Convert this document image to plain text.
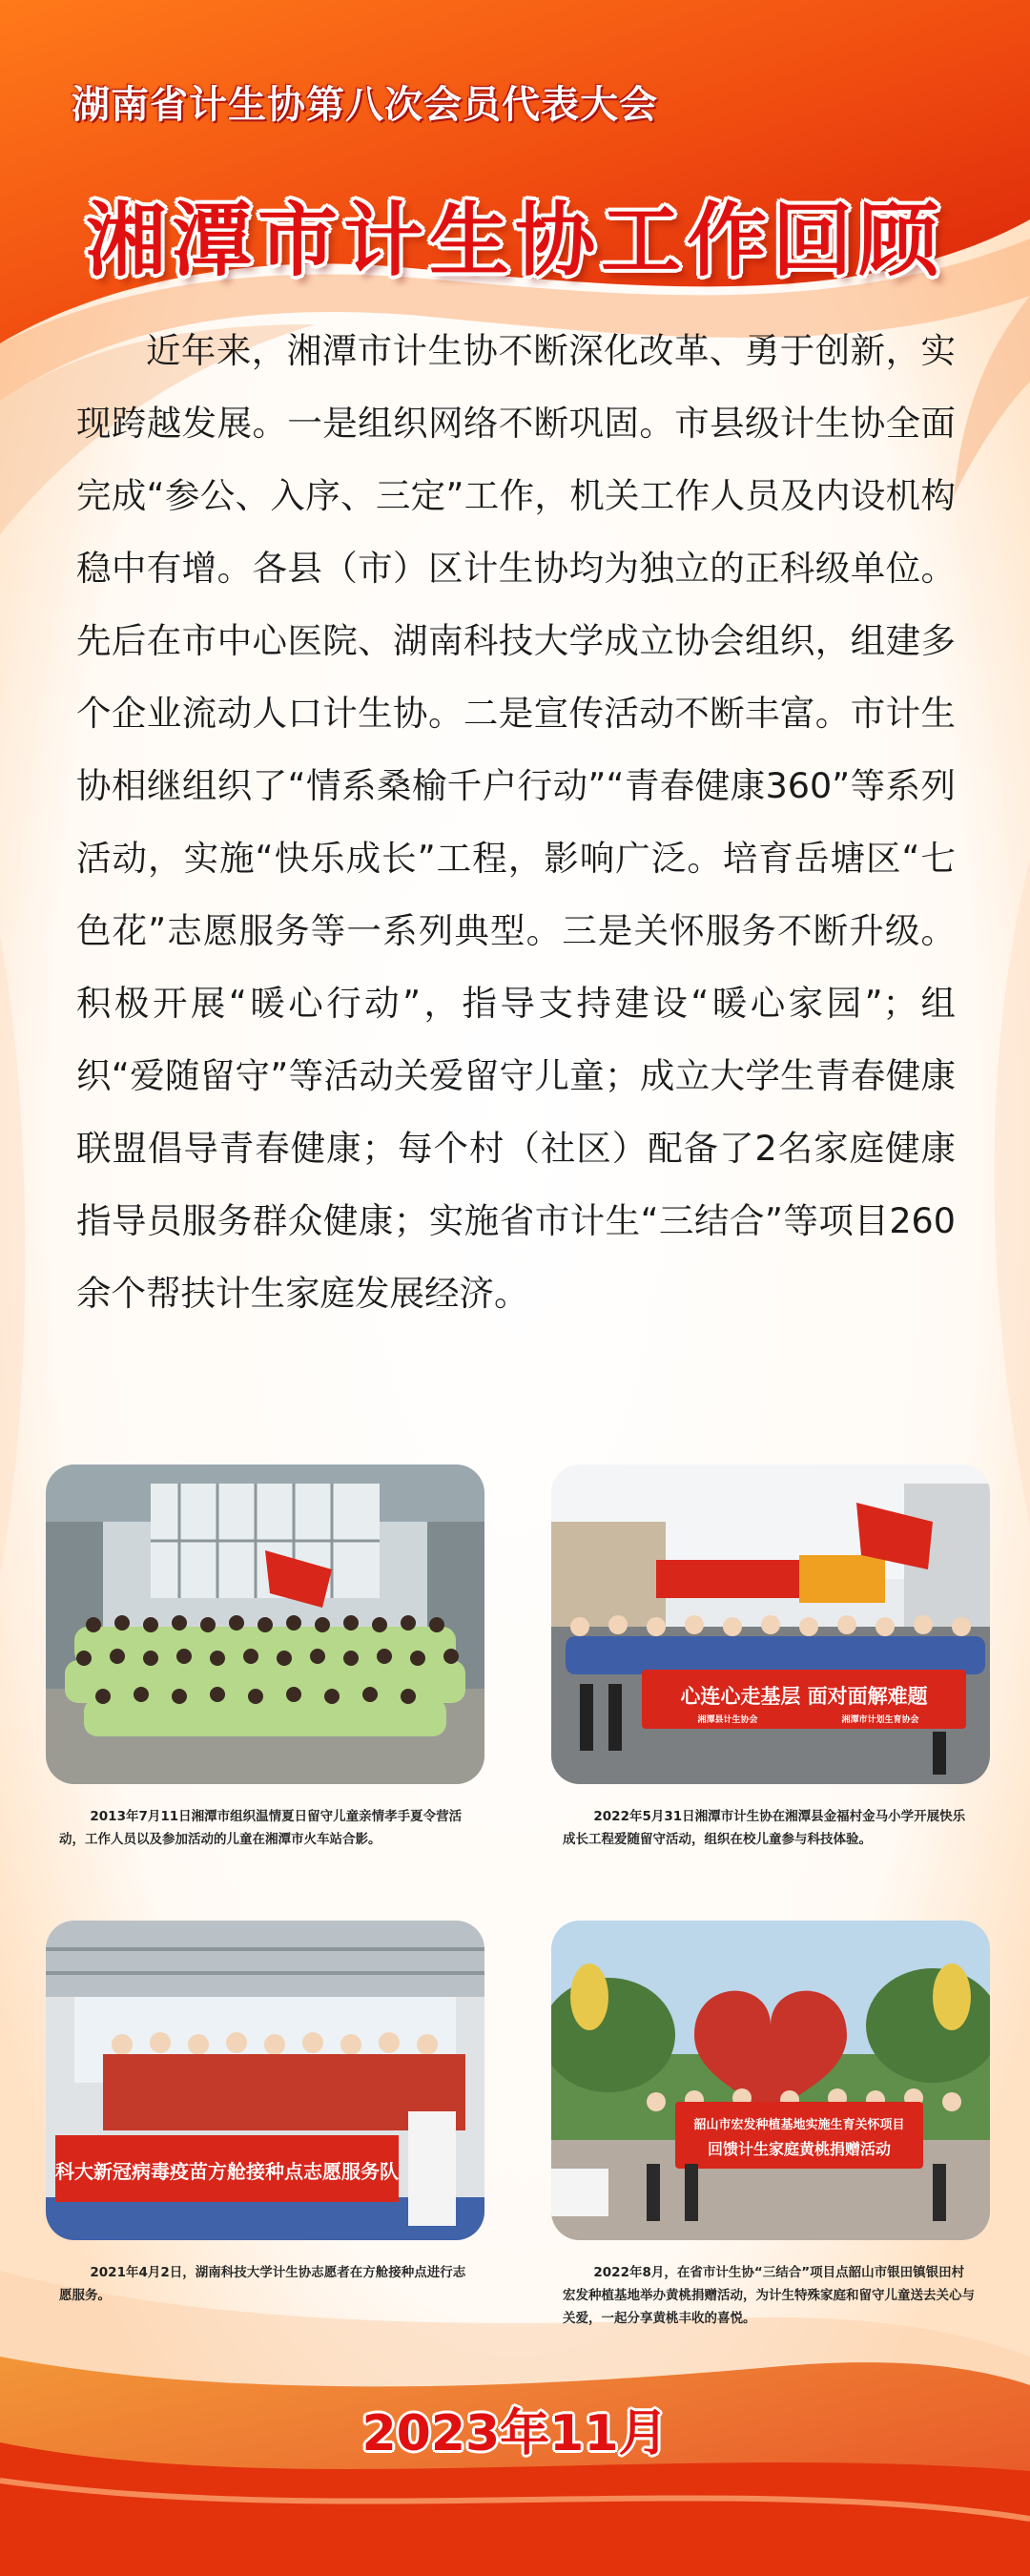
湖南省计生协第八次会员代表大会
湘潭市计生协工作回顾
近年来，湘潭市计生协不断深化改革、勇于创新，实现跨越发展。一是组织网络不断巩固。市县级计生协全面完成“参公、入序、三定”工作，机关工作人员及内设机构稳中有增。各县（市）区计生协均为独立的正科级单位。先后在市中心医院、湖南科技大学成立协会组织，组建多个企业流动人口计生协。二是宣传活动不断丰富。市计生协相继组织了“情系桑榆千户行动”“青春健康360”等系列活动，实施“快乐成长”工程，影响广泛。培育岳塘区“七色花”志愿服务等一系列典型。三是关怀服务不断升级。积极开展“暖心行动”，指导支持建设“暖心家园”；组织“爱随留守”等活动关爱留守儿童；成立大学生青春健康联盟倡导青春健康；每个村（社区）配备了2名家庭健康指导员服务群众健康；实施省市计生“三结合”等项目260余个帮扶计生家庭发展经济。
2013年7月11日湘潭市组织温情夏日留守儿童亲情孝手夏令营活动，工作人员以及参加活动的儿童在湘潭市火车站合影。
心连心走基层 面对面解难题
湘潭县计生协会	湘潭市计划生育协会
2022年5月31日湘潭市计生协在湘潭县金福村金马小学开展快乐成长工程爱随留守活动，组织在校儿童参与科技体验。
科大新冠病毒疫苗方舱接种点志愿服务队
2021年4月2日，湖南科技大学计生协志愿者在方舱接种点进行志愿服务。
韶山市宏发种植基地实施生育关怀项目
回馈计生家庭黄桃捐赠活动
2022年8月，在省市计生协“三结合”项目点韶山市银田镇银田村宏发种植基地举办黄桃捐赠活动，为计生特殊家庭和留守儿童送去关心与关爱，一起分享黄桃丰收的喜悦。
2023年11月
